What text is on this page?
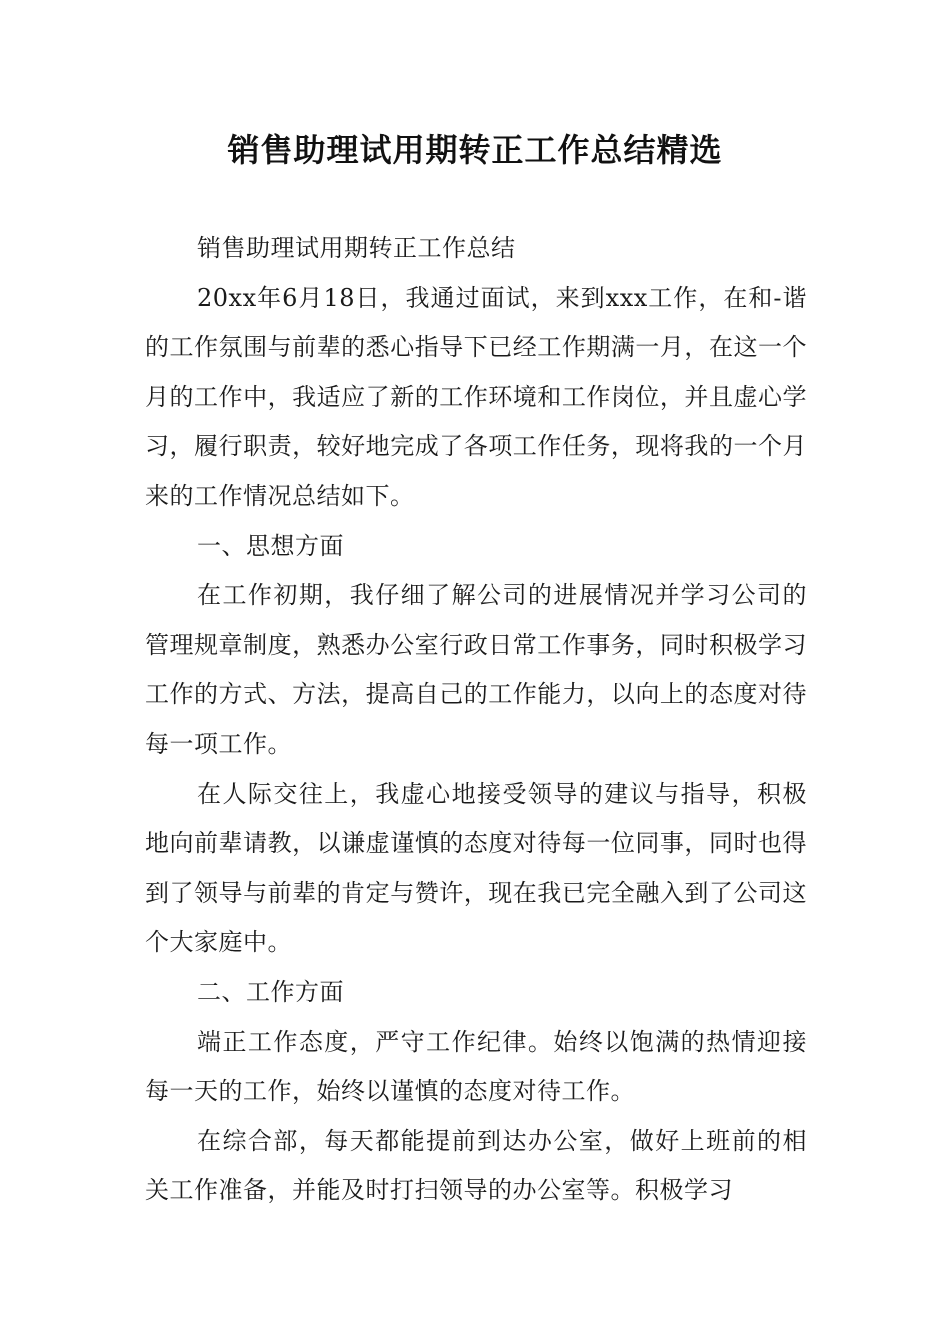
销售助理试用期转正工作总结精选

销售助理试用期转正工作总结

20xx年6月18日，我通过面试，来到xxx工作，在和-谐的工作氛围与前辈的悉心指导下已经工作期满一月，在这一个月的工作中，我适应了新的工作环境和工作岗位，并且虚心学习，履行职责，较好地完成了各项工作任务，现将我的一个月来的工作情况总结如下。

一、思想方面

在工作初期，我仔细了解公司的进展情况并学习公司的管理规章制度，熟悉办公室行政日常工作事务，同时积极学习工作的方式、方法，提高自己的工作能力，以向上的态度对待每一项工作。

在人际交往上，我虚心地接受领导的建议与指导，积极地向前辈请教，以谦虚谨慎的态度对待每一位同事，同时也得到了领导与前辈的肯定与赞许，现在我已完全融入到了公司这个大家庭中。

二、工作方面

端正工作态度，严守工作纪律。始终以饱满的热情迎接每一天的工作，始终以谨慎的态度对待工作。

在综合部，每天都能提前到达办公室，做好上班前的相关工作准备，并能及时打扫领导的办公室等。积极学习
